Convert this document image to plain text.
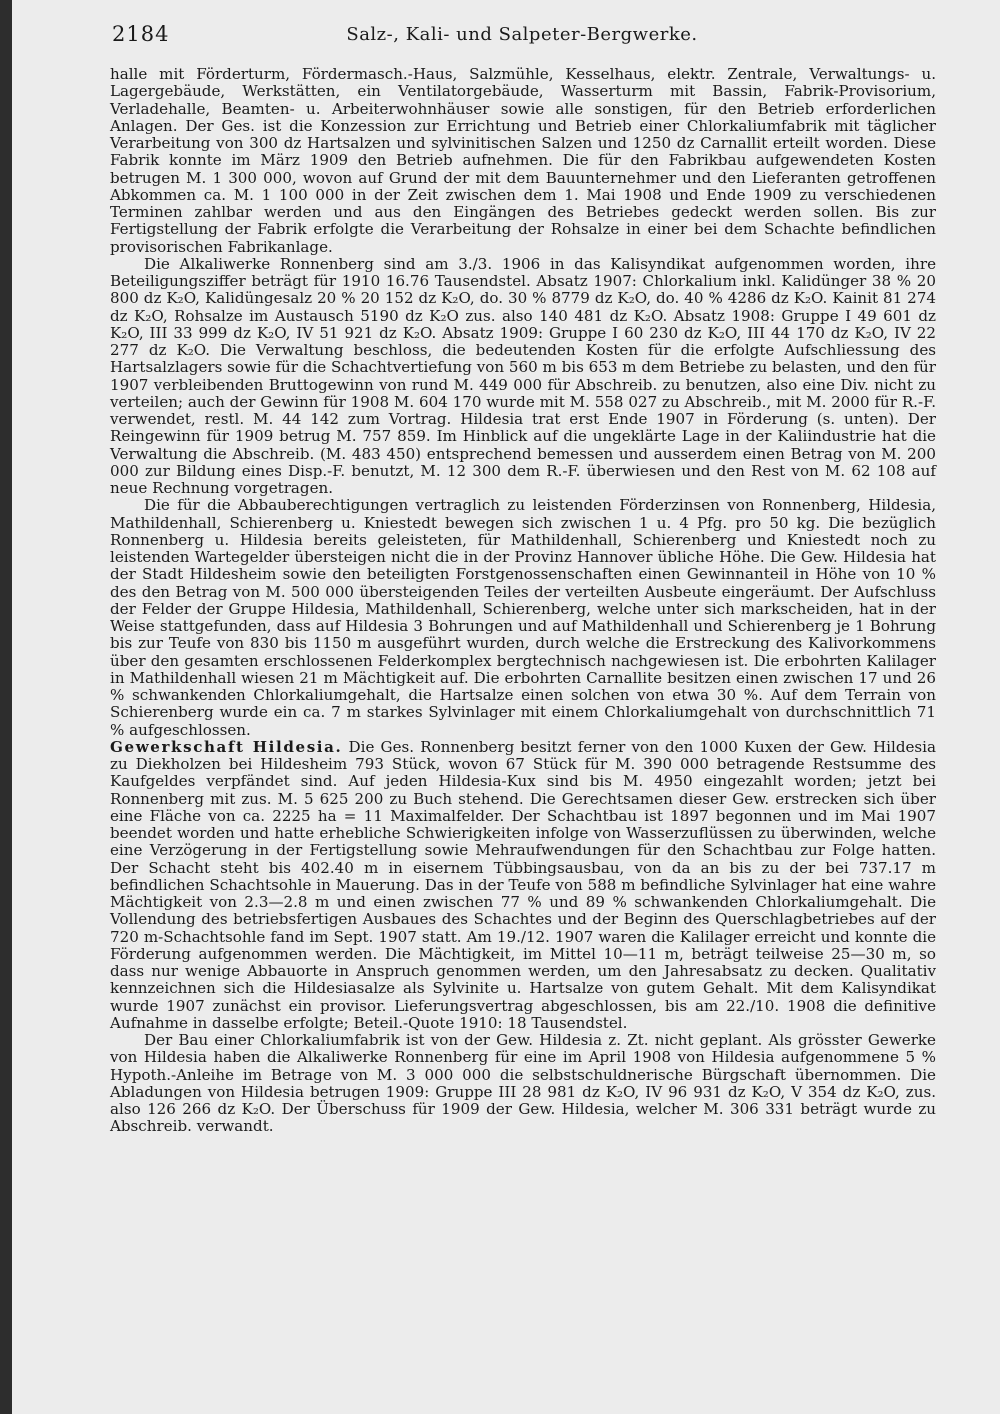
2184	Salz-, Kali- und Salpeter-Bergwerke.

halle mit Förderturm, Fördermasch.-Haus, Salzmühle, Kesselhaus, elektr. Zentrale, Verwaltungs- u. Lagergebäude, Werkstätten, ein Ventilatorgebäude, Wasserturm mit Bassin, Fabrik-Provisorium, Verladehalle, Beamten- u. Arbeiterwohnhäuser sowie alle sonstigen, für den Betrieb erforderlichen Anlagen. Der Ges. ist die Konzession zur Errichtung und Betrieb einer Chlorkaliumfabrik mit täglicher Verarbeitung von 300 dz Hartsalzen und sylvinitischen Salzen und 1250 dz Carnallit erteilt worden. Diese Fabrik konnte im März 1909 den Betrieb aufnehmen. Die für den Fabrikbau aufgewendeten Kosten betrugen M. 1 300 000, wovon auf Grund der mit dem Bauunternehmer und den Lieferanten getroffenen Abkommen ca. M. 1 100 000 in der Zeit zwischen dem 1. Mai 1908 und Ende 1909 zu verschiedenen Terminen zahlbar werden und aus den Eingängen des Betriebes gedeckt werden sollen. Bis zur Fertigstellung der Fabrik erfolgte die Verarbeitung der Rohsalze in einer bei dem Schachte befindlichen provisorischen Fabrikanlage.

Die Alkaliwerke Ronnenberg sind am 3./3. 1906 in das Kalisyndikat aufgenommen worden, ihre Beteiligungsziffer beträgt für 1910 16.76 Tausendstel. Absatz 1907: Chlorkalium inkl. Kalidünger 38 % 20 800 dz K₂O, Kalidüngesalz 20 % 20 152 dz K₂O, do. 30 % 8779 dz K₂O, do. 40 % 4286 dz K₂O. Kainit 81 274 dz K₂O, Rohsalze im Austausch 5190 dz K₂O zus. also 140 481 dz K₂O. Absatz 1908: Gruppe I 49 601 dz K₂O, III 33 999 dz K₂O, IV 51 921 dz K₂O. Absatz 1909: Gruppe I 60 230 dz K₂O, III 44 170 dz K₂O, IV 22 277 dz K₂O. Die Verwaltung beschloss, die bedeutenden Kosten für die erfolgte Aufschliessung des Hartsalzlagers sowie für die Schachtvertiefung von 560 m bis 653 m dem Betriebe zu belasten, und den für 1907 verbleibenden Bruttogewinn von rund M. 449 000 für Abschreib. zu benutzen, also eine Div. nicht zu verteilen; auch der Gewinn für 1908 M. 604 170 wurde mit M. 558 027 zu Abschreib., mit M. 2000 für R.-F. verwendet, restl. M. 44 142 zum Vortrag. Hildesia trat erst Ende 1907 in Förderung (s. unten). Der Reingewinn für 1909 betrug M. 757 859. Im Hinblick auf die ungeklärte Lage in der Kaliindustrie hat die Verwaltung die Abschreib. (M. 483 450) entsprechend bemessen und ausserdem einen Betrag von M. 200 000 zur Bildung eines Disp.-F. benutzt, M. 12 300 dem R.-F. überwiesen und den Rest von M. 62 108 auf neue Rechnung vorgetragen.

Die für die Abbauberechtigungen vertraglich zu leistenden Förderzinsen von Ronnenberg, Hildesia, Mathildenhall, Schierenberg u. Kniestedt bewegen sich zwischen 1 u. 4 Pfg. pro 50 kg. Die bezüglich Ronnenberg u. Hildesia bereits geleisteten, für Mathildenhall, Schierenberg und Kniestedt noch zu leistenden Wartegelder übersteigen nicht die in der Provinz Hannover übliche Höhe. Die Gew. Hildesia hat der Stadt Hildesheim sowie den beteiligten Forstgenossenschaften einen Gewinnanteil in Höhe von 10 % des den Betrag von M. 500 000 übersteigenden Teiles der verteilten Ausbeute eingeräumt. Der Aufschluss der Felder der Gruppe Hildesia, Mathildenhall, Schierenberg, welche unter sich markscheiden, hat in der Weise stattgefunden, dass auf Hildesia 3 Bohrungen und auf Mathildenhall und Schierenberg je 1 Bohrung bis zur Teufe von 830 bis 1150 m ausgeführt wurden, durch welche die Erstreckung des Kalivorkommens über den gesamten erschlossenen Felderkomplex bergtechnisch nachgewiesen ist. Die erbohrten Kalilager in Mathildenhall wiesen 21 m Mächtigkeit auf. Die erbohrten Carnallite besitzen einen zwischen 17 und 26 % schwankenden Chlorkaliumgehalt, die Hartsalze einen solchen von etwa 30 %. Auf dem Terrain von Schierenberg wurde ein ca. 7 m starkes Sylvinlager mit einem Chlorkaliumgehalt von durchschnittlich 71 % aufgeschlossen.

Gewerkschaft Hildesia. Die Ges. Ronnenberg besitzt ferner von den 1000 Kuxen der Gew. Hildesia zu Diekholzen bei Hildesheim 793 Stück, wovon 67 Stück für M. 390 000 betragende Restsumme des Kaufgeldes verpfändet sind. Auf jeden Hildesia-Kux sind bis M. 4950 eingezahlt worden; jetzt bei Ronnenberg mit zus. M. 5 625 200 zu Buch stehend. Die Gerechtsamen dieser Gew. erstrecken sich über eine Fläche von ca. 2225 ha = 11 Maximalfelder. Der Schachtbau ist 1897 begonnen und im Mai 1907 beendet worden und hatte erhebliche Schwierigkeiten infolge von Wasserzuflüssen zu überwinden, welche eine Verzögerung in der Fertigstellung sowie Mehraufwendungen für den Schachtbau zur Folge hatten. Der Schacht steht bis 402.40 m in eisernem Tübbingsausbau, von da an bis zu der bei 737.17 m befindlichen Schachtsohle in Mauerung. Das in der Teufe von 588 m befindliche Sylvinlager hat eine wahre Mächtigkeit von 2.3—2.8 m und einen zwischen 77 % und 89 % schwankenden Chlorkaliumgehalt. Die Vollendung des betriebsfertigen Ausbaues des Schachtes und der Beginn des Querschlagbetriebes auf der 720 m-Schachtsohle fand im Sept. 1907 statt. Am 19./12. 1907 waren die Kalilager erreicht und konnte die Förderung aufgenommen werden. Die Mächtigkeit, im Mittel 10—11 m, beträgt teilweise 25—30 m, so dass nur wenige Abbauorte in Anspruch genommen werden, um den Jahresabsatz zu decken. Qualitativ kennzeichnen sich die Hildesiasalze als Sylvinite u. Hartsalze von gutem Gehalt. Mit dem Kalisyndikat wurde 1907 zunächst ein provisor. Lieferungsvertrag abgeschlossen, bis am 22./10. 1908 die definitive Aufnahme in dasselbe erfolgte; Beteil.-Quote 1910: 18 Tausendstel.

Der Bau einer Chlorkaliumfabrik ist von der Gew. Hildesia z. Zt. nicht geplant. Als grösster Gewerke von Hildesia haben die Alkaliwerke Ronnenberg für eine im April 1908 von Hildesia aufgenommene 5 % Hypoth.-Anleihe im Betrage von M. 3 000 000 die selbstschuldnerische Bürgschaft übernommen. Die Abladungen von Hildesia betrugen 1909: Gruppe III 28 981 dz K₂O, IV 96 931 dz K₂O, V 354 dz K₂O, zus. also 126 266 dz K₂O. Der Überschuss für 1909 der Gew. Hildesia, welcher M. 306 331 beträgt wurde zu Abschreib. verwandt.
